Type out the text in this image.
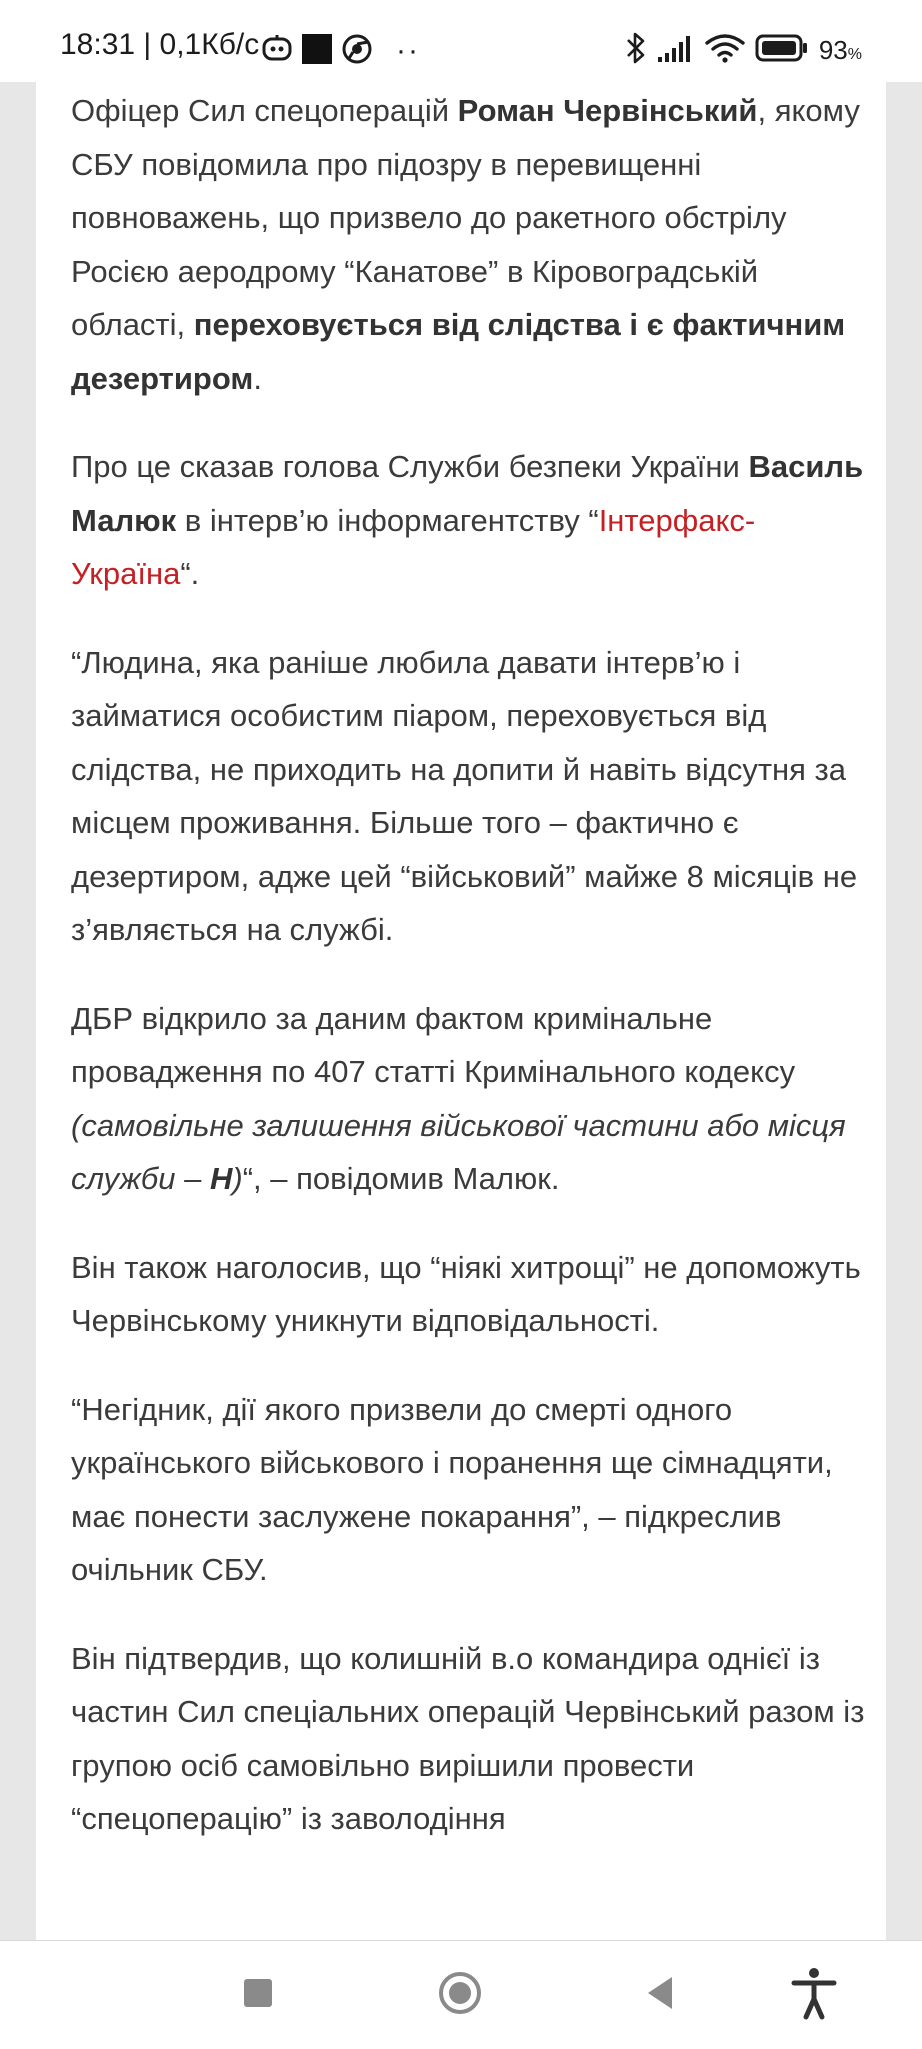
18:31 | 0,1Кб/с	··	93%

Офіцер Сил спецоперацій Роман Червінський, якому СБУ повідомила про підозру в перевищенні повноважень, що призвело до ракетного обстрілу Росією аеродрому “Канатове” в Кіровоградській області, переховується від слідства і є фактичним дезертиром.

Про це сказав голова Служби безпеки України Василь Малюк в інтерв’ю інформагентству “Інтерфакс-Україна“.

“Людина, яка раніше любила давати інтерв’ю і займатися особистим піаром, переховується від слідства, не приходить на допити й навіть відсутня за місцем проживання. Більше того – фактично є дезертиром, адже цей “військовий” майже 8 місяців не з’являється на службі.

ДБР відкрило за даним фактом кримінальне провадження по 407 статті Кримінального кодексу (самовільне залишення військової частини або місця служби – Н)“, – повідомив Малюк.

Він також наголосив, що “ніякі хитрощі” не допоможуть Червінському уникнути відповідальності.

“Негідник, дії якого призвели до смерті одного українського військового і поранення ще сімнадцяти, має понести заслужене покарання”, – підкреслив очільник СБУ.

Він підтвердив, що колишній в.о командира однієї із частин Сил спеціальних операцій Червінський разом із групою осіб самовільно вирішили провести “спецоперацію” із заволодіння
